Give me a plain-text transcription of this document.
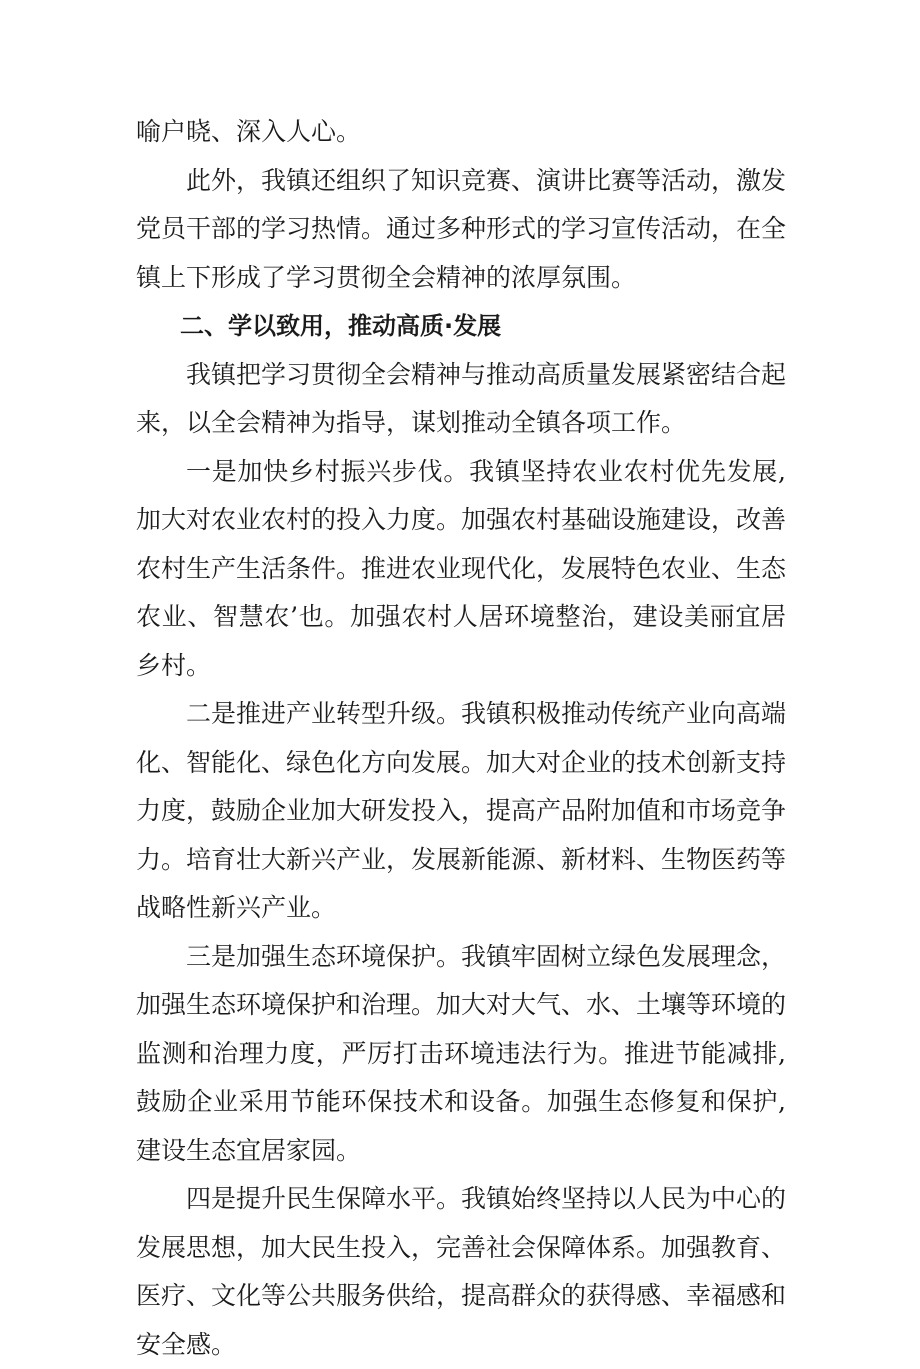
喻户晓、深入人心。

此外，我镇还组织了知识竞赛、演讲比赛等活动，激发党员干部的学习热情。通过多种形式的学习宣传活动，在全镇上下形成了学习贯彻全会精神的浓厚氛围。

二、学以致用，推动高质·发展

我镇把学习贯彻全会精神与推动高质量发展紧密结合起来，以全会精神为指导，谋划推动全镇各项工作。

一是加快乡村振兴步伐。我镇坚持农业农村优先发展,加大对农业农村的投入力度。加强农村基础设施建设，改善农村生产生活条件。推进农业现代化，发展特色农业、生态农业、智慧农’也。加强农村人居环境整治，建设美丽宜居乡村。

二是推进产业转型升级。我镇积极推动传统产业向高端化、智能化、绿色化方向发展。加大对企业的技术创新支持力度，鼓励企业加大研发投入，提高产品附加值和市场竞争力。培育壮大新兴产业，发展新能源、新材料、生物医药等战略性新兴产业。

三是加强生态环境保护。我镇牢固树立绿色发展理念，加强生态环境保护和治理。加大对大气、水、土壤等环境的监测和治理力度，严厉打击环境违法行为。推进节能减排,鼓励企业采用节能环保技术和设备。加强生态修复和保护,建设生态宜居家园。

四是提升民生保障水平。我镇始终坚持以人民为中心的发展思想，加大民生投入，完善社会保障体系。加强教育、医疗、文化等公共服务供给，提高群众的获得感、幸福感和安全感。
